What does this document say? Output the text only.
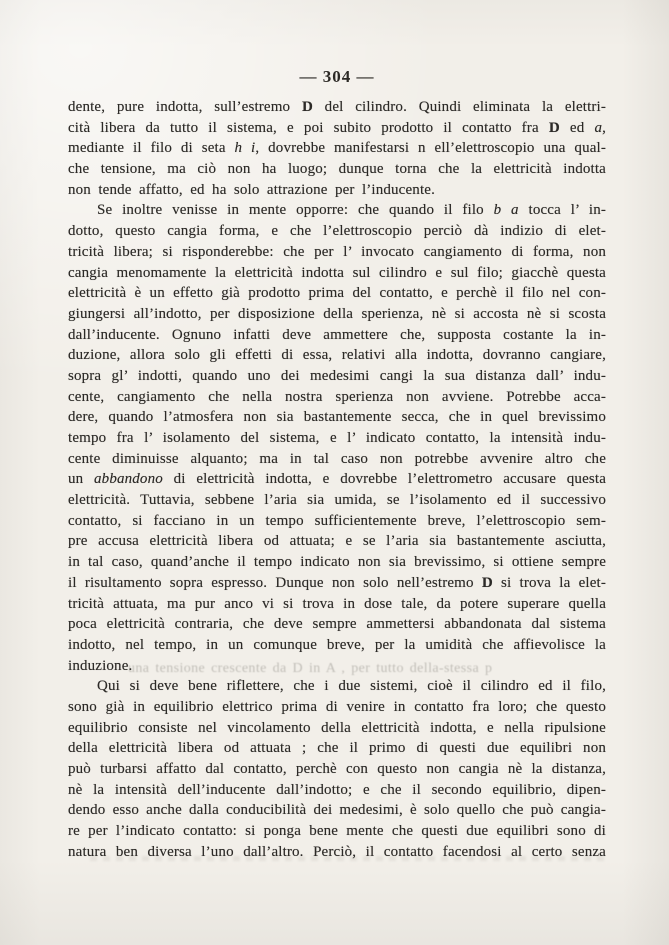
— 304 —
una tensione crescente da D in A , per tutto della-stessa p
dente, pure indotta, sull’estremo D del cilindro. Quindi eliminata la elettri-
cità libera da tutto il sistema, e poi subito prodotto il contatto fra D ed a,
mediante il filo di seta h i, dovrebbe manifestarsi n ell’elettroscopio una qual-
che tensione, ma ciò non ha luogo; dunque torna che la elettricità indotta
non tende affatto, ed ha solo attrazione per l’inducente.
Se inoltre venisse in mente opporre: che quando il filo b a tocca l’ in-
dotto, questo cangia forma, e che l’elettroscopio perciò dà indizio di elet-
tricità libera; si risponderebbe: che per l’ invocato cangiamento di forma, non
cangia menomamente la elettricità indotta sul cilindro e sul filo; giacchè questa
elettricità è un effetto già prodotto prima del contatto, e perchè il filo nel con-
giungersi all’indotto, per disposizione della sperienza, nè si accosta nè si scosta
dall’inducente. Ognuno infatti deve ammettere che, supposta costante la in-
duzione, allora solo gli effetti di essa, relativi alla indotta, dovranno cangiare,
sopra gl’ indotti, quando uno dei medesimi cangi la sua distanza dall’ indu-
cente, cangiamento che nella nostra sperienza non avviene. Potrebbe acca-
dere, quando l’atmosfera non sia bastantemente secca, che in quel brevissimo
tempo fra l’ isolamento del sistema, e l’ indicato contatto, la intensità indu-
cente diminuisse alquanto; ma in tal caso non potrebbe avvenire altro che
un abbandono di elettricità indotta, e dovrebbe l’elettrometro accusare questa
elettricità. Tuttavia, sebbene l’aria sia umida, se l’isolamento ed il successivo
contatto, si facciano in un tempo sufficientemente breve, l’elettroscopio sem-
pre accusa elettricità libera od attuata; e se l’aria sia bastantemente asciutta,
in tal caso, quand’anche il tempo indicato non sia brevissimo, si ottiene sempre
il risultamento sopra espresso. Dunque non solo nell’estremo D si trova la elet-
tricità attuata, ma pur anco vi si trova in dose tale, da potere superare quella
poca elettricità contraria, che deve sempre ammettersi abbandonata dal sistema
indotto, nel tempo, in un comunque breve, per la umidità che affievolisce la
induzione.
Qui si deve bene riflettere, che i due sistemi, cioè il cilindro ed il filo,
sono già in equilibrio elettrico prima di venire in contatto fra loro; che questo
equilibrio consiste nel vincolamento della elettricità indotta, e nella ripulsione
della elettricità libera od attuata ; che il primo di questi due equilibri non
può turbarsi affatto dal contatto, perchè con questo non cangia nè la distanza,
nè la intensità dell’inducente dall’indotto; e che il secondo equilibrio, dipen-
dendo esso anche dalla conducibilità dei medesimi, è solo quello che può cangia-
re per l’indicato contatto: si ponga bene mente che questi due equilibri sono di
natura ben diversa l’uno dall’altro. Perciò, il contatto facendosi al certo senza
